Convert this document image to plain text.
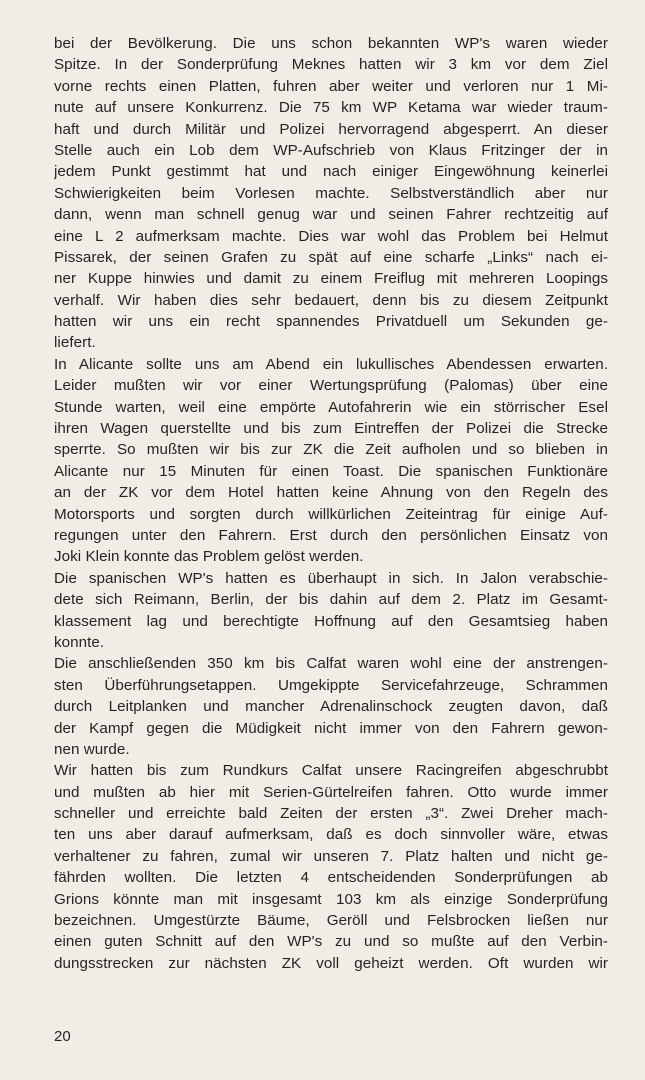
bei der Bevölkerung. Die uns schon bekannten WP's waren wieder
Spitze. In der Sonderprüfung Meknes hatten wir 3 km vor dem Ziel
vorne rechts einen Platten, fuhren aber weiter und verloren nur 1 Mi-
nute auf unsere Konkurrenz. Die 75 km WP Ketama war wieder traum-
haft und durch Militär und Polizei hervorragend abgesperrt. An dieser
Stelle auch ein Lob dem WP-Aufschrieb von Klaus Fritzinger der in
jedem Punkt gestimmt hat und nach einiger Eingewöhnung keinerlei
Schwierigkeiten beim Vorlesen machte. Selbstverständlich aber nur
dann, wenn man schnell genug war und seinen Fahrer rechtzeitig auf
eine L 2 aufmerksam machte. Dies war wohl das Problem bei Helmut
Pissarek, der seinen Grafen zu spät auf eine scharfe „Links“ nach ei-
ner Kuppe hinwies und damit zu einem Freiflug mit mehreren Loopings
verhalf. Wir haben dies sehr bedauert, denn bis zu diesem Zeitpunkt
hatten wir uns ein recht spannendes Privatduell um Sekunden ge-
liefert.
In Alicante sollte uns am Abend ein lukullisches Abendessen erwarten.
Leider mußten wir vor einer Wertungsprüfung (Palomas) über eine
Stunde warten, weil eine empörte Autofahrerin wie ein störrischer Esel
ihren Wagen querstellte und bis zum Eintreffen der Polizei die Strecke
sperrte. So mußten wir bis zur ZK die Zeit aufholen und so blieben in
Alicante nur 15 Minuten für einen Toast. Die spanischen Funktionäre
an der ZK vor dem Hotel hatten keine Ahnung von den Regeln des
Motorsports und sorgten durch willkürlichen Zeiteintrag für einige Auf-
regungen unter den Fahrern. Erst durch den persönlichen Einsatz von
Joki Klein konnte das Problem gelöst werden.
Die spanischen WP's hatten es überhaupt in sich. In Jalon verabschie-
dete sich Reimann, Berlin, der bis dahin auf dem 2. Platz im Gesamt-
klassement lag und berechtigte Hoffnung auf den Gesamtsieg haben
konnte.
Die anschließenden 350 km bis Calfat waren wohl eine der anstrengen-
sten Überführungsetappen. Umgekippte Servicefahrzeuge, Schrammen
durch Leitplanken und mancher Adrenalinschock zeugten davon, daß
der Kampf gegen die Müdigkeit nicht immer von den Fahrern gewon-
nen wurde.
Wir hatten bis zum Rundkurs Calfat unsere Racingreifen abgeschrubbt
und mußten ab hier mit Serien-Gürtelreifen fahren. Otto wurde immer
schneller und erreichte bald Zeiten der ersten „3“. Zwei Dreher mach-
ten uns aber darauf aufmerksam, daß es doch sinnvoller wäre, etwas
verhaltener zu fahren, zumal wir unseren 7. Platz halten und nicht ge-
fährden wollten. Die letzten 4 entscheidenden Sonderprüfungen ab
Grions könnte man mit insgesamt 103 km als einzige Sonderprüfung
bezeichnen. Umgestürzte Bäume, Geröll und Felsbrocken ließen nur
einen guten Schnitt auf den WP's zu und so mußte auf den Verbin-
dungsstrecken zur nächsten ZK voll geheizt werden. Oft wurden wir
20
